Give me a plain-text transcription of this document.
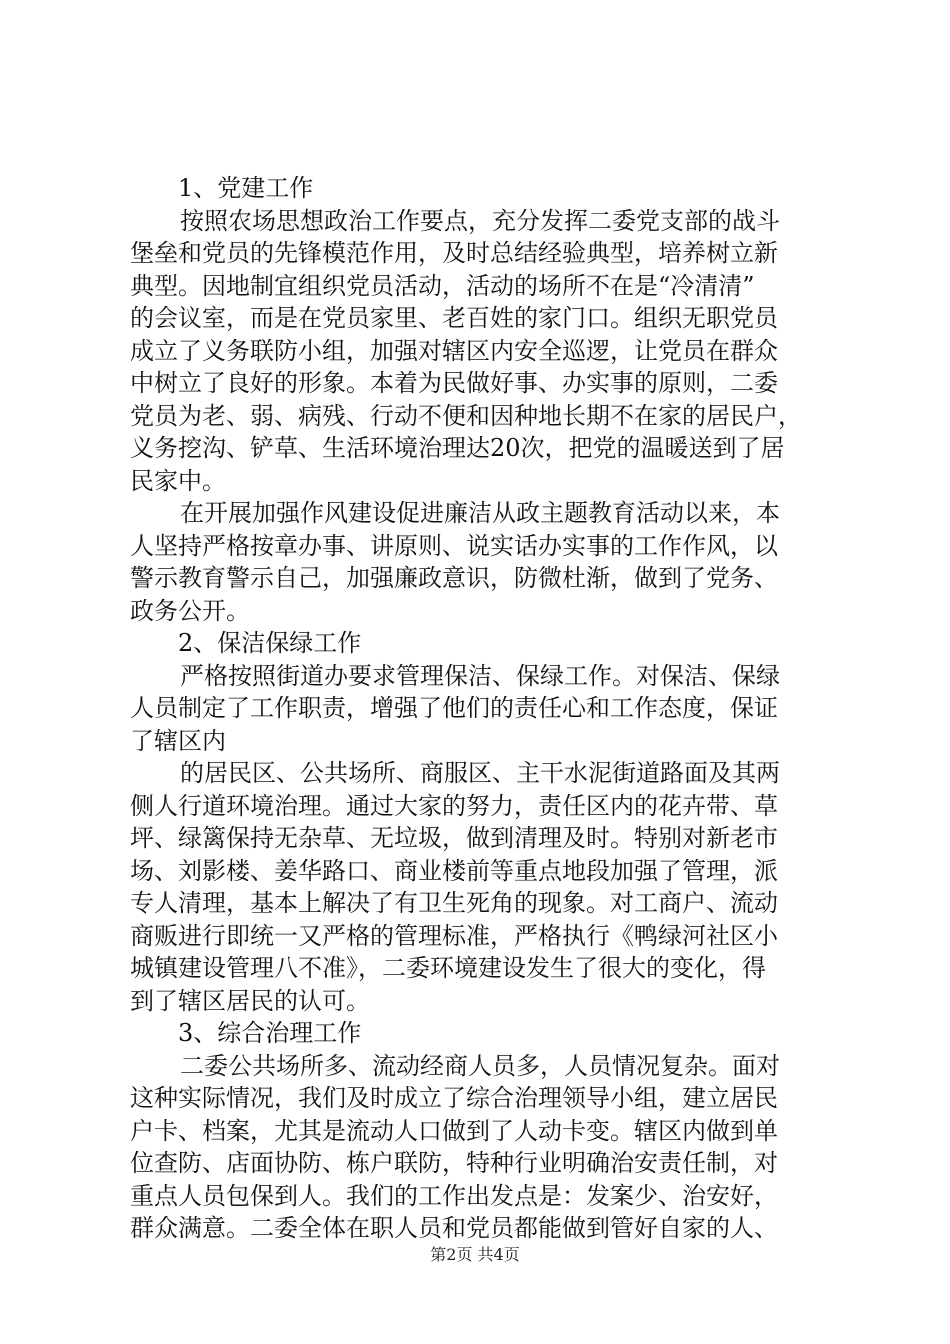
1、党建工作
按照农场思想政治工作要点，充分发挥二委党支部的战斗
堡垒和党员的先锋模范作用，及时总结经验典型，培养树立新
典型。因地制宜组织党员活动，活动的场所不在是“冷清清”
的会议室，而是在党员家里、老百姓的家门口。组织无职党员
成立了义务联防小组，加强对辖区内安全巡逻，让党员在群众
中树立了良好的形象。本着为民做好事、办实事的原则，二委
党员为老、弱、病残、行动不便和因种地长期不在家的居民户，
义务挖沟、铲草、生活环境治理达20次，把党的温暖送到了居
民家中。
在开展加强作风建设促进廉洁从政主题教育活动以来，本
人坚持严格按章办事、讲原则、说实话办实事的工作作风，以
警示教育警示自己，加强廉政意识，防微杜渐，做到了党务、
政务公开。
2、保洁保绿工作
严格按照街道办要求管理保洁、保绿工作。对保洁、保绿
人员制定了工作职责，增强了他们的责任心和工作态度，保证
了辖区内
的居民区、公共场所、商服区、主干水泥街道路面及其两
侧人行道环境治理。通过大家的努力，责任区内的花卉带、草
坪、绿篱保持无杂草、无垃圾，做到清理及时。特别对新老市
场、刘影楼、姜华路口、商业楼前等重点地段加强了管理，派
专人清理，基本上解决了有卫生死角的现象。对工商户、流动
商贩进行即统一又严格的管理标准，严格执行《鸭绿河社区小
城镇建设管理八不准》，二委环境建设发生了很大的变化，得
到了辖区居民的认可。
3、综合治理工作
二委公共场所多、流动经商人员多，人员情况复杂。面对
这种实际情况，我们及时成立了综合治理领导小组，建立居民
户卡、档案，尤其是流动人口做到了人动卡变。辖区内做到单
位查防、店面协防、栋户联防，特种行业明确治安责任制，对
重点人员包保到人。我们的工作出发点是：发案少、治安好，
群众满意。二委全体在职人员和党员都能做到管好自家的人、
第2页 共4页
